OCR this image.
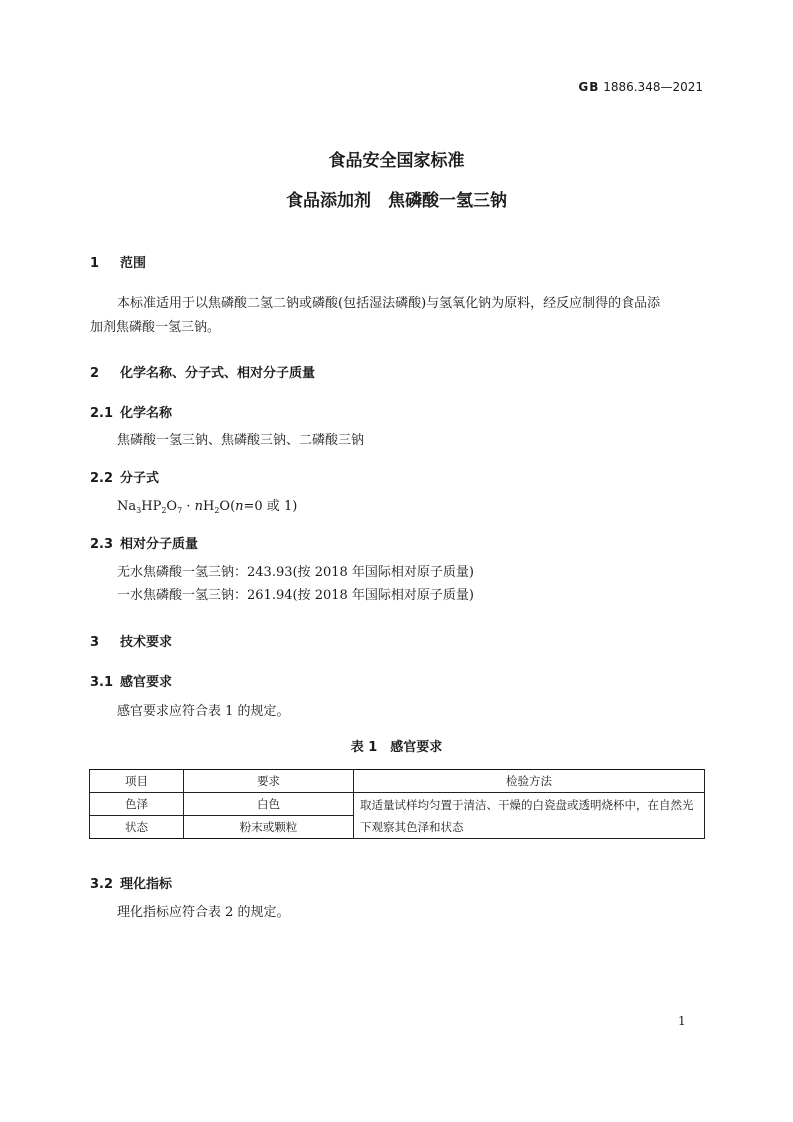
GB 1886.348—2021
食品安全国家标准
食品添加剂　焦磷酸一氢三钠
1 范围
本标准适用于以焦磷酸二氢二钠或磷酸(包括湿法磷酸)与氢氧化钠为原料，经反应制得的食品添
加剂焦磷酸一氢三钠。
2 化学名称、分子式、相对分子质量
2.1 化学名称
焦磷酸一氢三钠、焦磷酸三钠、二磷酸三钠
2.2 分子式
$Na_3HP_2O_7 \cdot nH_2O(n=0$ 或 1)
2.3 相对分子质量
无水焦磷酸一氢三钠：243.93(按 2018 年国际相对原子质量)
一水焦磷酸一氢三钠：261.94(按 2018 年国际相对原子质量)
3 技术要求
3.1 感官要求
感官要求应符合表 1 的规定。
表 1　感官要求
项目	要求	检验方法
色泽	白色	取适量试样均匀置于清洁、干燥的白瓷盘或透明烧杯中，在自然光下观察其色泽和状态
状态	粉末或颗粒	
3.2 理化指标
理化指标应符合表 2 的规定。
1
